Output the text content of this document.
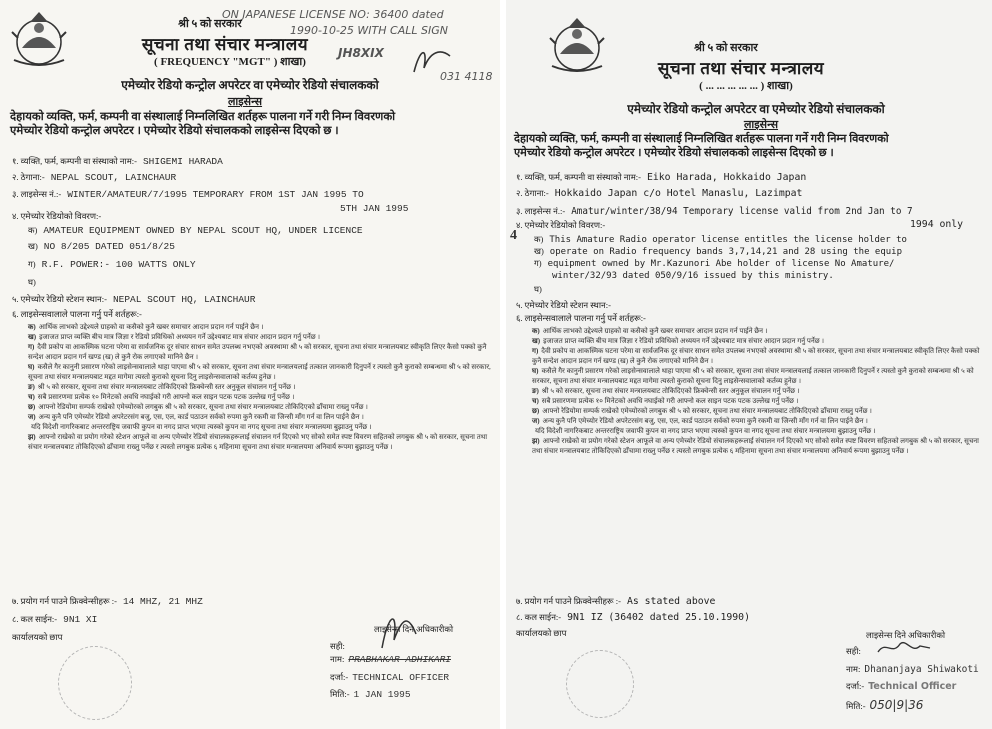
ON JAPANESE LICENSE NO: 36400 dated
1990-10-25 WITH CALL SIGN
JH8XIX
031 4118
श्री ५ को सरकार
सूचना तथा संचार मन्त्रालय
( FREQUENCY "MGT" ) शाखा)
एमेच्योर रेडियो कन्ट्रोल अपरेटर वा एमेच्योर रेडियो संचालकको
लाइसेन्स
देहायको व्यक्ति, फर्म, कम्पनी वा संस्थालाई निम्नलिखित शर्तहरू पालना गर्ने गरी निम्न विवरणको
एमेच्योर रेडियो कन्ट्रोल अपरेटर । एमेच्योर रेडियो संचालकको लाइसेन्स दिएको छ ।
१. व्यक्ति, फर्म, कम्पनी वा संस्थाको नाम:- SHIGEMI HARADA
२. ठेगाना:- NEPAL SCOUT, LAINCHAUR
३. लाइसेन्स नं.:- WINTER/AMATEUR/7/1995 TEMPORARY FROM 1ST JAN 1995 TO
5TH JAN 1995
४. एमेच्योर रेडियोको विवरण:-
क) AMATEUR EQUIPMENT OWNED BY NEPAL SCOUT HQ, UNDER LICENCE
ख) NO 8/205 DATED 051/8/25
ग) R.F. POWER:- 100 WATTS ONLY
घ)
५. एमेच्योर रेडियो स्टेशन स्थान:- NEPAL SCOUT HQ, LAINCHAUR
६. लाइसेन्सवालाले पालना गर्नु पर्ने शर्तहरू:-
क) आर्थिक लाभको उद्देश्यले ग्राहको वा कसैको कुनै खबर समाचार आदान प्रदान गर्न पाईने छैन ।
ख) इजाजत प्राप्त व्यक्ति बीच मात्र जिज्ञा र रेडियो प्रविधिको अध्ययन गर्ने उद्देश्यबाट मात्र संचार आदान प्रदान गर्नु पर्नेछ ।
ग) दैवी प्रकोप वा आकस्मिक घटना परेमा वा सार्वजनिक दूर संचार साधन समेत उपलब्ध नभएको अवस्थामा श्री ५ को सरकार, सूचना तथा संचार मन्त्रालयबाट स्वीकृति लिएर कैसो पक्को कुनै सन्देश आदान प्रदान गर्न खण्ड (ख) ले कुनै रोक लगाएको मानिने छैन ।
घ) कसैले गैर कानुनी प्रसारण गरेको लाइसेन्सवालाले थाहा पाएमा श्री ५ को सरकार, सूचना तथा संचार मन्त्रालयलाई तत्काल जानकारी दिनुपर्ने र त्यस्तो कुनै कुराको सम्बन्धमा श्री ५ को सरकार, सूचना तथा संचार मन्त्रालयबाट मद्दत मागेमा त्यस्तो कुराको सूचना दिनु लाइसेन्सवालाको कर्तव्य हुनेछ ।
ङ) श्री ५ को सरकार, सूचना तथा संचार मन्त्रालयबाट तोकिदिएको फ्रिक्वेन्सी स्तर अनुकूल संचालन गर्नु पर्नेछ ।
च) सबै प्रसारणमा प्रत्येक १० मिनेटको अवधि नघाईको गरी आफ्नो कल साइन पटक पटक उल्लेख गर्नु पर्नेछ ।
छ) आफ्नो रेडियोमा सम्पर्क राखेको एमेच्योरको लगबुक श्री ५ को सरकार, सूचना तथा संचार मन्त्रालयबाट तोकिदिएको ढाँचामा राख्नु पर्नेछ ।
ज) अन्य कुनै पनि एमेच्योर रेडियो अपरेटरसंग बजु, एस, एल, कार्ड पठाउन सर्वको रुपमा कुनै रकमी वा जिन्सी माँग गर्न वा लिन पाईने छैन ।
यदि विदेशी नागरिकबाट अन्तरराष्ट्रिय जवाफी कुपन वा नगद प्राप्त भएमा त्यस्को कुपन वा नगद सूचना तथा संचार मन्त्रालयमा बुझाउनु पर्नेछ ।
झ) आफ्नो राखेको वा प्रयोग गरेको स्टेशन आफूले वा अन्य एमेच्योर रेडियो संचालकहरूलाई संचालन गर्न दिएको भए सोको समेत स्पष्ट विवरण सहितको लगबुक श्री ५ को सरकार, सूचना तथा संचार मन्त्रालयबाट तोकिदिएको ढाँचामा राख्नु पर्नेछ र त्यस्तो लगबुक प्रत्येक ६ महिनामा सूचना तथा संचार मन्त्रालयमा अनिवार्य रूपमा बुझाउनु पर्नेछ ।
७. प्रयोग गर्न पाउने फ्रिक्वेन्सीहरू :- 14 MHZ, 21 MHZ
८. कल साईन:- 9N1 XI
कार्यालयको छाप
लाइसेन्स दिने अधिकारीको
सही:
नाम: PRABHAKAR ADHIKARI
दर्जा:- TECHNICAL OFFICER
मिति:- 1 JAN 1995
श्री ५ को सरकार
सूचना तथा संचार मन्त्रालय
( ... ... ... ... ... ) शाखा)
एमेच्योर रेडियो कन्ट्रोल अपरेटर वा एमेच्योर रेडियो संचालकको
लाइसेन्स
देहायको व्यक्ति, फर्म, कम्पनी वा संस्थालाई निम्नलिखित शर्तहरू पालना गर्ने गरी निम्न विवरणको
एमेच्योर रेडियो कन्ट्रोल अपरेटर । एमेच्योर रेडियो संचालकको लाइसेन्स दिएको छ ।
१. व्यक्ति, फर्म, कम्पनी वा संस्थाको नाम:- Eiko Harada, Hokkaido Japan
२. ठेगाना:- Hokkaido Japan c/o Hotel Manaslu, Lazimpat
३. लाइसेन्स नं.:- Amatur/winter/38/94 Temporary license valid from 2nd Jan to 7
1994 only
४. एमेच्योर रेडियोको विवरण:-
क) This Amature Radio operator license entitles the license holder to
ख) operate on Radio frequency bands 3,7,14,21 and 28 using the equip
ग) equipment owned by Mr.Kazunori Abe holder of license No Amature/
winter/32/93 dated 050/9/16 issued by this ministry.
घ)
५. एमेच्योर रेडियो स्टेशन स्थान:-
६. लाइसेन्सवालाले पालना गर्नु पर्ने शर्तहरू:-
4
क) आर्थिक लाभको उद्देश्यले ग्राहको वा कसैको कुनै खबर समाचार आदान प्रदान गर्न पाईने छैन ।
ख) इजाजत प्राप्त व्यक्ति बीच मात्र जिज्ञा र रेडियो प्रविधिको अध्ययन गर्ने उद्देश्यबाट मात्र संचार आदान प्रदान गर्नु पर्नेछ ।
ग) दैवी प्रकोप वा आकस्मिक घटना परेमा वा सार्वजनिक दूर संचार साधन समेत उपलब्ध नभएको अवस्थामा श्री ५ को सरकार, सूचना तथा संचार मन्त्रालयबाट स्वीकृति लिएर कैसो पक्को कुनै सन्देश आदान प्रदान गर्न खण्ड (ख) ले कुनै रोक लगाएको मानिने छैन ।
घ) कसैले गैर कानुनी प्रसारण गरेको लाइसेन्सवालाले थाहा पाएमा श्री ५ को सरकार, सूचना तथा संचार मन्त्रालयलाई तत्काल जानकारी दिनुपर्ने र त्यस्तो कुनै कुराको सम्बन्धमा श्री ५ को सरकार, सूचना तथा संचार मन्त्रालयबाट मद्दत मागेमा त्यस्तो कुराको सूचना दिनु लाइसेन्सवालाको कर्तव्य हुनेछ ।
ङ) श्री ५ को सरकार, सूचना तथा संचार मन्त्रालयबाट तोकिदिएको फ्रिक्वेन्सी स्तर अनुकूल संचालन गर्नु पर्नेछ ।
च) सबै प्रसारणमा प्रत्येक १० मिनेटको अवधि नघाईको गरी आफ्नो कल साइन पटक पटक उल्लेख गर्नु पर्नेछ ।
छ) आफ्नो रेडियोमा सम्पर्क राखेको एमेच्योरको लगबुक श्री ५ को सरकार, सूचना तथा संचार मन्त्रालयबाट तोकिदिएको ढाँचामा राख्नु पर्नेछ ।
ज) अन्य कुनै पनि एमेच्योर रेडियो अपरेटरसंग बजु, एस, एल, कार्ड पठाउन सर्वको रुपमा कुनै रकमी वा जिन्सी माँग गर्न वा लिन पाईने छैन ।
यदि विदेशी नागरिकबाट अन्तरराष्ट्रिय जवाफी कुपन वा नगद प्राप्त भएमा त्यस्को कुपन वा नगद सूचना तथा संचार मन्त्रालयमा बुझाउनु पर्नेछ ।
झ) आफ्नो राखेको वा प्रयोग गरेको स्टेशन आफूले वा अन्य एमेच्योर रेडियो संचालकहरूलाई संचालन गर्न दिएको भए सोको समेत स्पष्ट विवरण सहितको लगबुक श्री ५ को सरकार, सूचना तथा संचार मन्त्रालयबाट तोकिदिएको ढाँचामा राख्नु पर्नेछ र त्यस्तो लगबुक प्रत्येक ६ महिनामा सूचना तथा संचार मन्त्रालयमा अनिवार्य रूपमा बुझाउनु पर्नेछ ।
७. प्रयोग गर्न पाउने फ्रिक्वेन्सीहरू :- As stated above
८. कल साईन:- 9N1 IZ (36402 dated 25.10.1990)
कार्यालयको छाप	लाइसेन्स दिने अधिकारीको
सही:
नाम: Dhananjaya Shiwakoti
दर्जा:- Technical Officer
मिति:- 050|9|36
